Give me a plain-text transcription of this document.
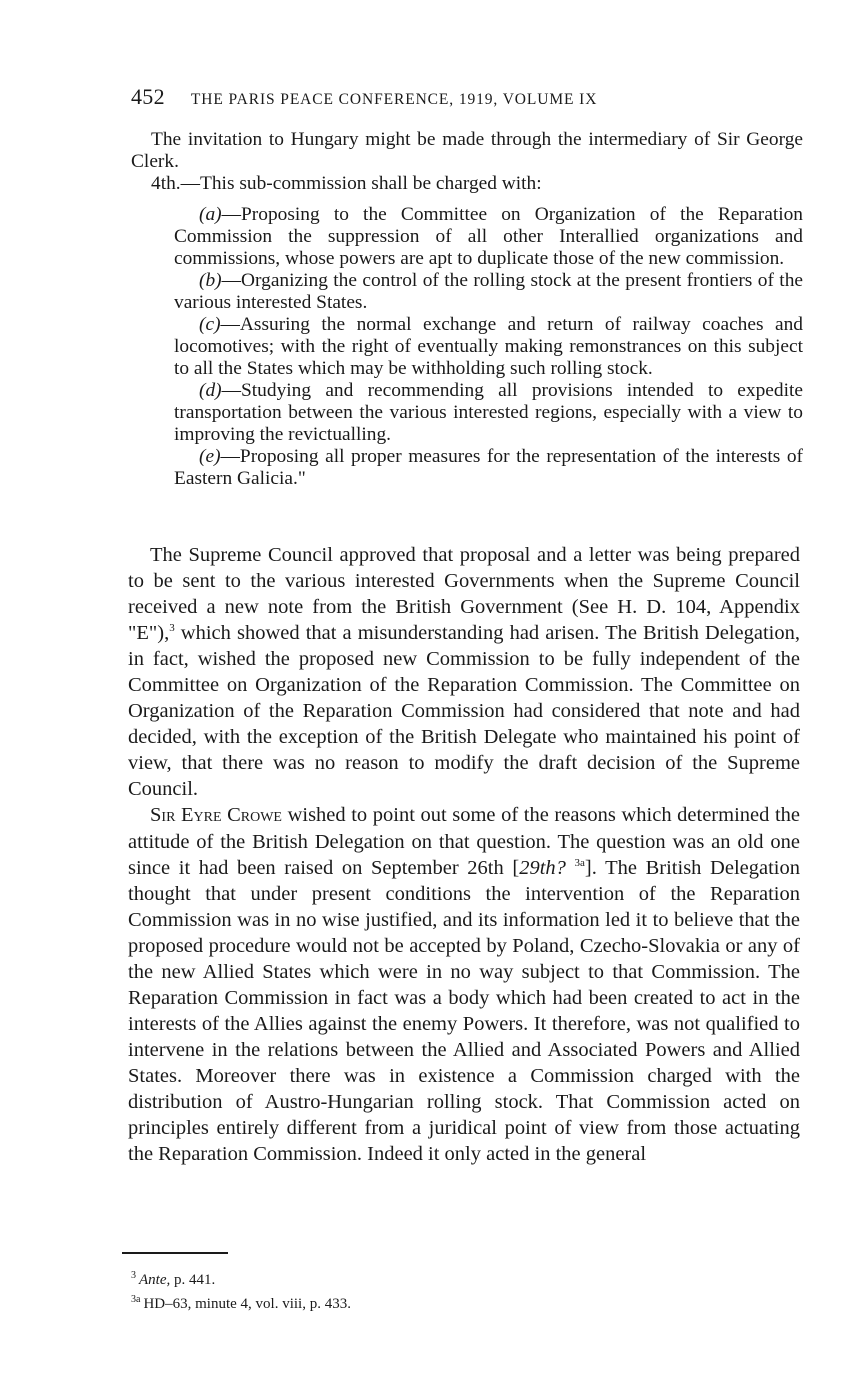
452 THE PARIS PEACE CONFERENCE, 1919, VOLUME IX

The invitation to Hungary might be made through the intermediary of Sir George Clerk.

4th.—This sub-commission shall be charged with:

(a)—Proposing to the Committee on Organization of the Reparation Commission the suppression of all other Interallied organizations and commissions, whose powers are apt to duplicate those of the new commission.

(b)—Organizing the control of the rolling stock at the present frontiers of the various interested States.

(c)—Assuring the normal exchange and return of railway coaches and locomotives; with the right of eventually making remonstrances on this subject to all the States which may be withholding such rolling stock.

(d)—Studying and recommending all provisions intended to expedite transportation between the various interested regions, especially with a view to improving the revictualling.

(e)—Proposing all proper measures for the representation of the interests of Eastern Galicia."

The Supreme Council approved that proposal and a letter was being prepared to be sent to the various interested Governments when the Supreme Council received a new note from the British Government (See H. D. 104, Appendix "E"),$^3$ which showed that a misunderstanding had arisen. The British Delegation, in fact, wished the proposed new Commission to be fully independent of the Committee on Organization of the Reparation Commission. The Committee on Organization of the Reparation Commission had considered that note and had decided, with the exception of the British Delegate who maintained his point of view, that there was no reason to modify the draft decision of the Supreme Council.

Sir Eyre Crowe wished to point out some of the reasons which determined the attitude of the British Delegation on that question. The question was an old one since it had been raised on September 26th [29th? $^{3a}$]. The British Delegation thought that under present conditions the intervention of the Reparation Commission was in no wise justified, and its information led it to believe that the proposed procedure would not be accepted by Poland, Czecho-Slovakia or any of the new Allied States which were in no way subject to that Commission. The Reparation Commission in fact was a body which had been created to act in the interests of the Allies against the enemy Powers. It therefore, was not qualified to intervene in the relations between the Allied and Associated Powers and Allied States. Moreover there was in existence a Commission charged with the distribution of Austro-Hungarian rolling stock. That Commission acted on principles entirely different from a juridical point of view from those actuating the Reparation Commission. Indeed it only acted in the general

$^3$ Ante, p. 441.

$^{3a}$ HD–63, minute 4, vol. viii, p. 433.
